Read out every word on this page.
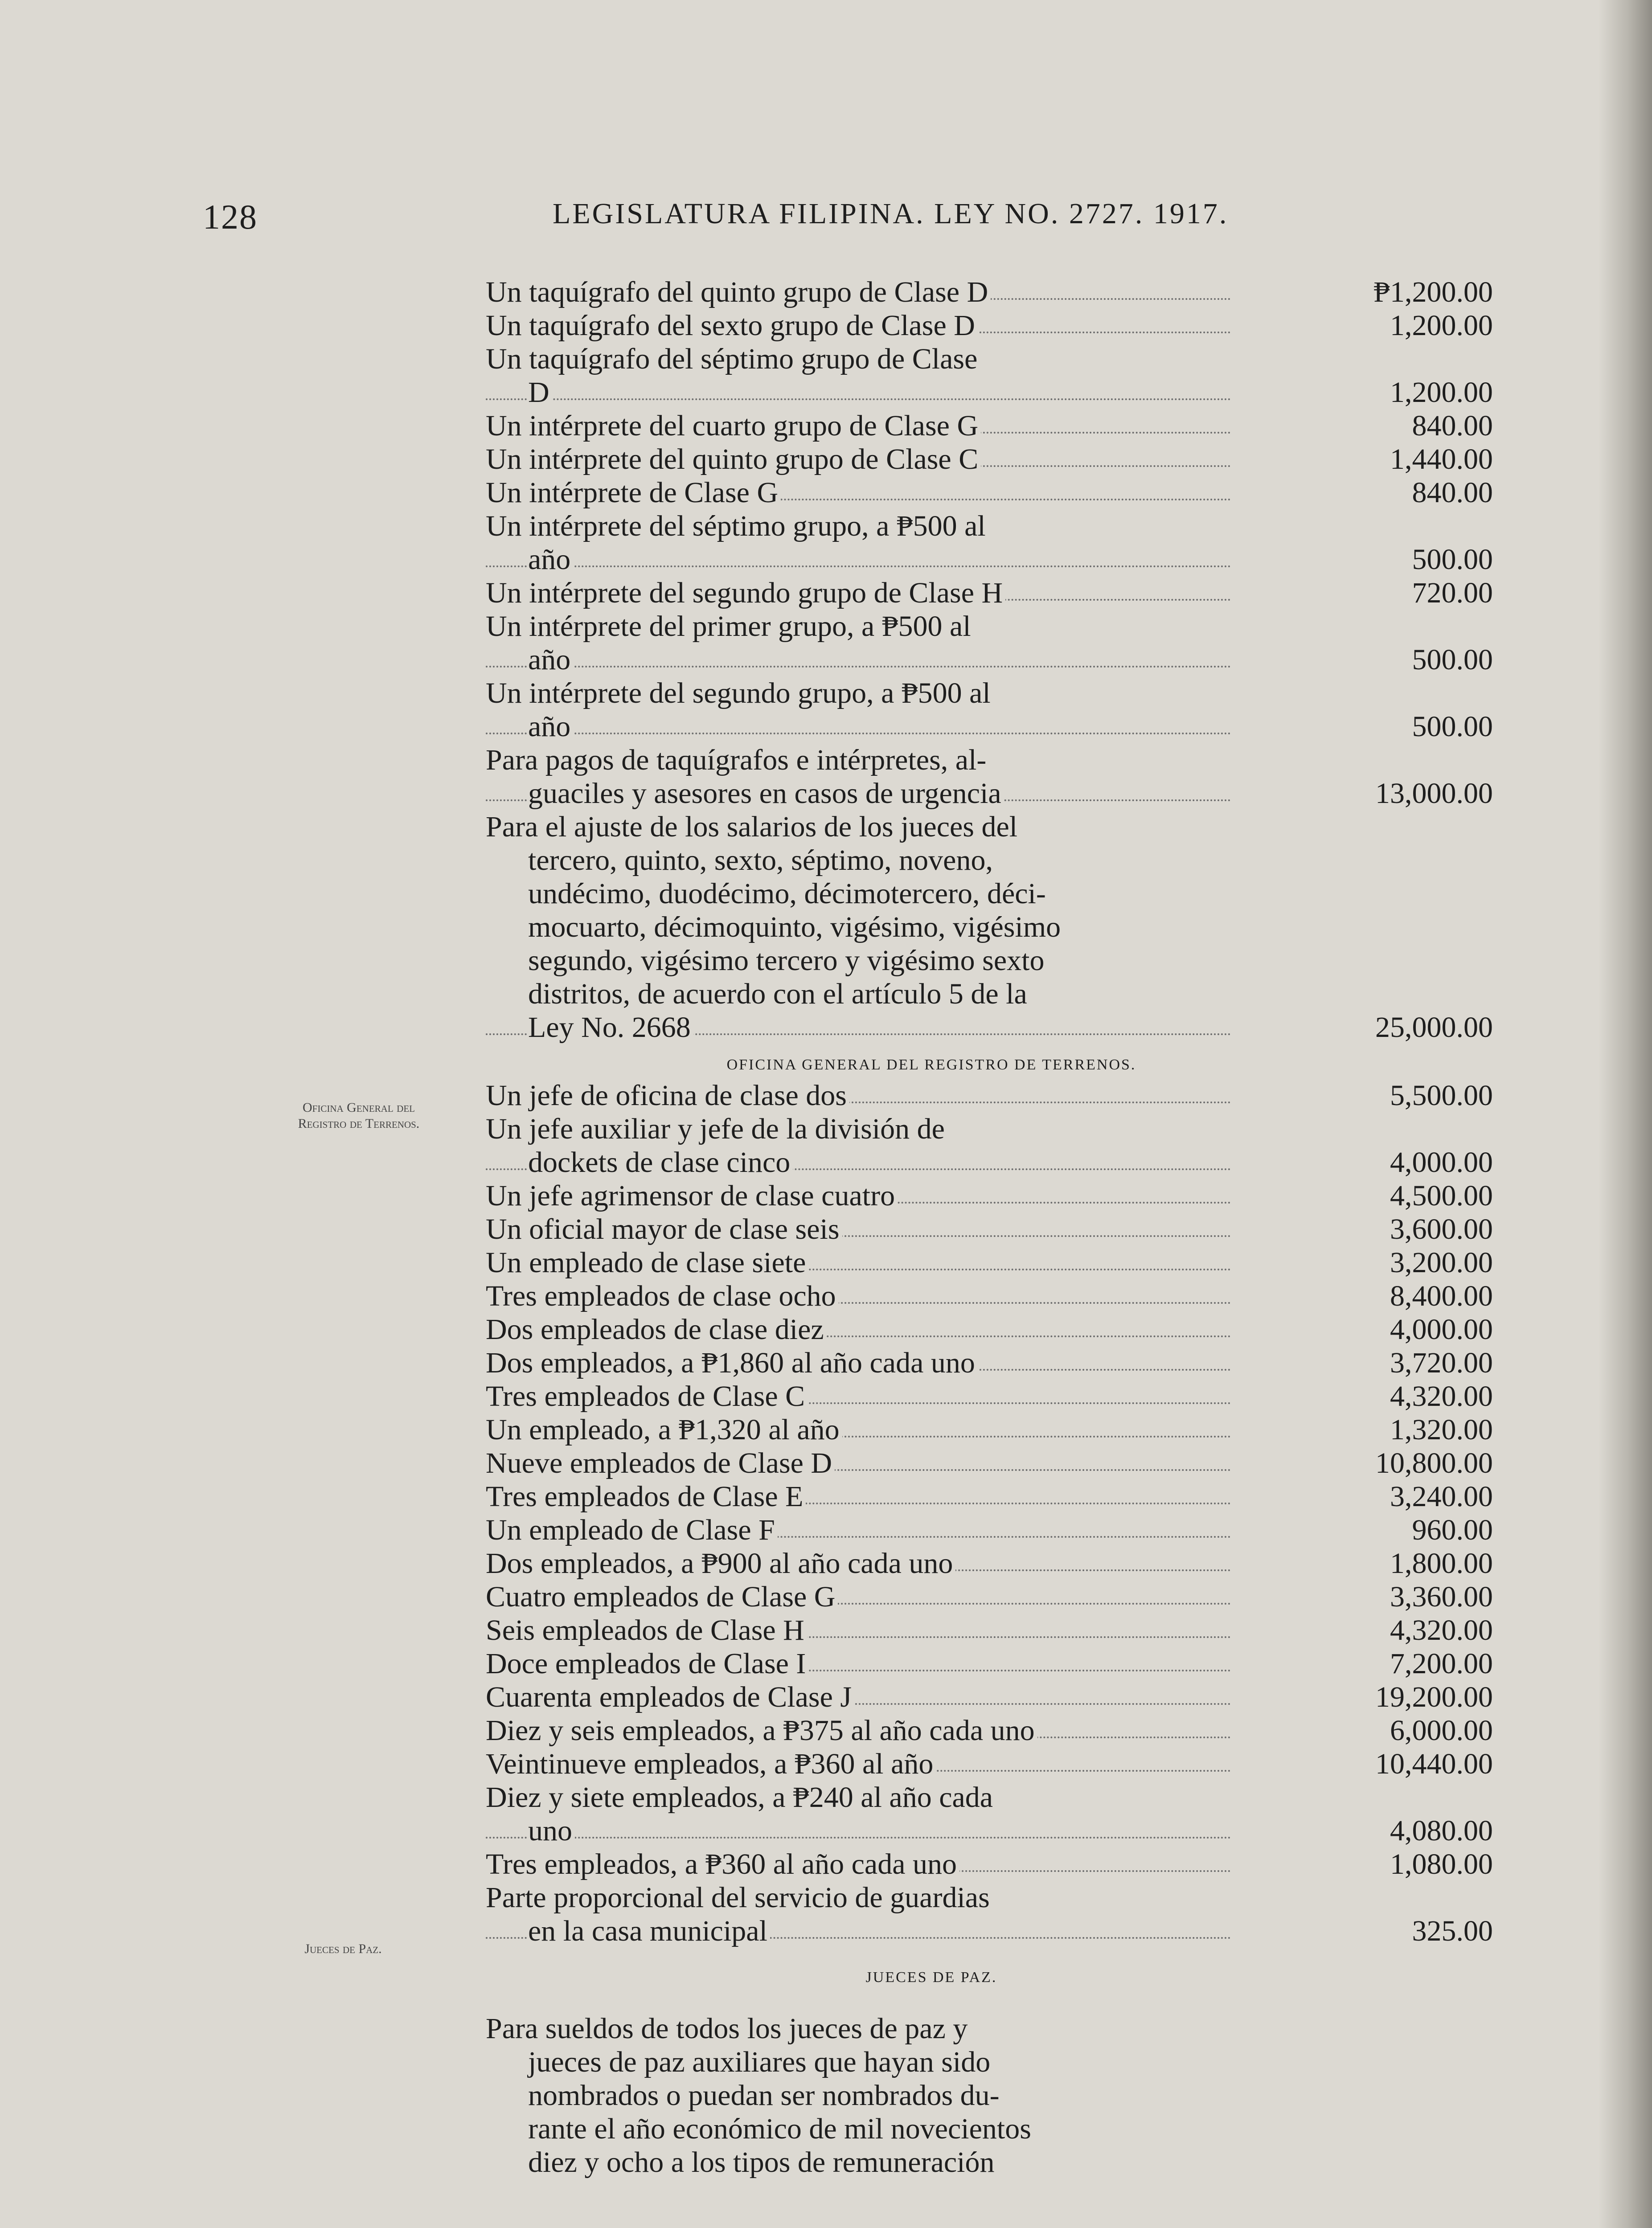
128	LEGISLATURA FILIPINA. LEY NO. 2727. 1917.
Oficina General del
Registro de Terrenos.
Jueces de Paz.
Un taquígrafo del quinto grupo de Clase D	₱1,200.00
Un taquígrafo del sexto grupo de Clase D	1,200.00
Un taquígrafo del séptimo grupo de Clase
D	1,200.00
Un intérprete del cuarto grupo de Clase G	840.00
Un intérprete del quinto grupo de Clase C	1,440.00
Un intérprete de Clase G	840.00
Un intérprete del séptimo grupo, a ₱500 al
año	500.00
Un intérprete del segundo grupo de Clase H	720.00
Un intérprete del primer grupo, a ₱500 al
año	500.00
Un intérprete del segundo grupo, a ₱500 al
año	500.00
Para pagos de taquígrafos e intérpretes, al-
guaciles y asesores en casos de urgencia	13,000.00
Para el ajuste de los salarios de los jueces del
tercero, quinto, sexto, séptimo, noveno,
undécimo, duodécimo, décimotercero, déci-
mocuarto, décimoquinto, vigésimo, vigésimo
segundo, vigésimo tercero y vigésimo sexto
distritos, de acuerdo con el artículo 5 de la
Ley No. 2668	25,000.00
OFICINA GENERAL DEL REGISTRO DE TERRENOS.
Un jefe de oficina de clase dos	5,500.00
Un jefe auxiliar y jefe de la división de
dockets de clase cinco	4,000.00
Un jefe agrimensor de clase cuatro	4,500.00
Un oficial mayor de clase seis	3,600.00
Un empleado de clase siete	3,200.00
Tres empleados de clase ocho	8,400.00
Dos empleados de clase diez	4,000.00
Dos empleados, a ₱1,860 al año cada uno	3,720.00
Tres empleados de Clase C	4,320.00
Un empleado, a ₱1,320 al año	1,320.00
Nueve empleados de Clase D	10,800.00
Tres empleados de Clase E	3,240.00
Un empleado de Clase F	960.00
Dos empleados, a ₱900 al año cada uno	1,800.00
Cuatro empleados de Clase G	3,360.00
Seis empleados de Clase H	4,320.00
Doce empleados de Clase I	7,200.00
Cuarenta empleados de Clase J	19,200.00
Diez y seis empleados, a ₱375 al año cada uno	6,000.00
Veintinueve empleados, a ₱360 al año	10,440.00
Diez y siete empleados, a ₱240 al año cada
uno	4,080.00
Tres empleados, a ₱360 al año cada uno	1,080.00
Parte proporcional del servicio de guardias
en la casa municipal	325.00
JUECES DE PAZ.
Para sueldos de todos los jueces de paz y
jueces de paz auxiliares que hayan sido
nombrados o puedan ser nombrados du-
rante el año económico de mil novecientos
diez y ocho a los tipos de remuneración
